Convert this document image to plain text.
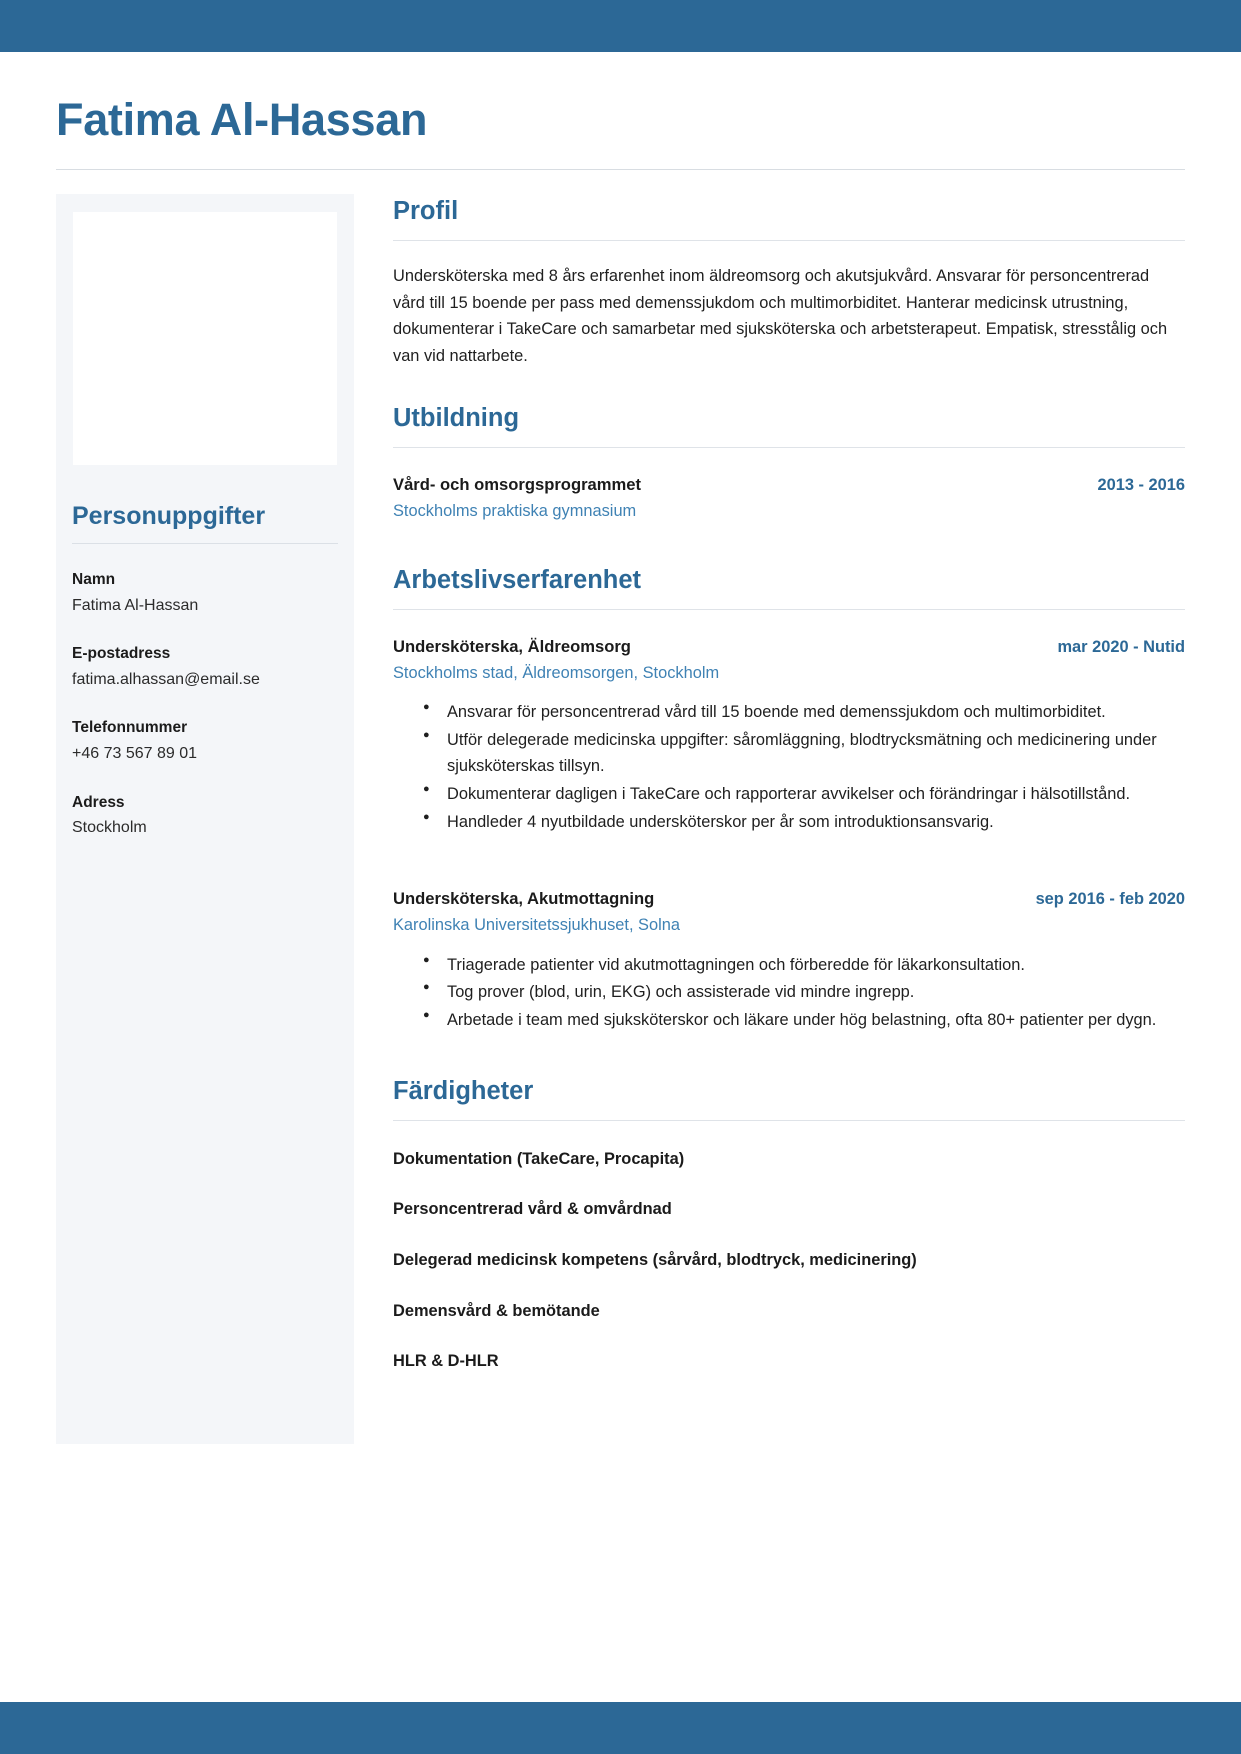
Fatima Al-Hassan
Personuppgifter
Namn
Fatima Al-Hassan
E-postadress
fatima.alhassan@email.se
Telefonnummer
+46 73 567 89 01
Adress
Stockholm
Profil

Undersköterska med 8 års erfarenhet inom äldreomsorg och akutsjukvård. Ansvarar för personcentrerad vård till 15 boende per pass med demenssjukdom och multimorbiditet. Hanterar medicinsk utrustning, dokumenterar i TakeCare och samarbetar med sjuksköterska och arbetsterapeut. Empatisk, stresstålig och van vid nattarbete.

Utbildning
Vård- och omsorgsprogrammet	2013 - 2016
Stockholms praktiska gymnasium
Arbetslivserfarenhet
Undersköterska, Äldreomsorg	mar 2020 - Nutid
Stockholms stad, Äldreomsorgen, Stockholm
● Ansvarar för personcentrerad vård till 15 boende med demenssjukdom och multimorbiditet.
● Utför delegerade medicinska uppgifter: såromläggning, blodtrycksmätning och medicinering under sjuksköterskas tillsyn.
● Dokumenterar dagligen i TakeCare och rapporterar avvikelser och förändringar i hälsotillstånd.
● Handleder 4 nyutbildade undersköterskor per år som introduktionsansvarig.
Undersköterska, Akutmottagning	sep 2016 - feb 2020
Karolinska Universitetssjukhuset, Solna
● Triagerade patienter vid akutmottagningen och förberedde för läkarkonsultation.
● Tog prover (blod, urin, EKG) och assisterade vid mindre ingrepp.
● Arbetade i team med sjuksköterskor och läkare under hög belastning, ofta 80+ patienter per dygn.
Färdigheter
Dokumentation (TakeCare, Procapita)
Personcentrerad vård & omvårdnad
Delegerad medicinsk kompetens (sårvård, blodtryck, medicinering)
Demensvård & bemötande
HLR & D-HLR
